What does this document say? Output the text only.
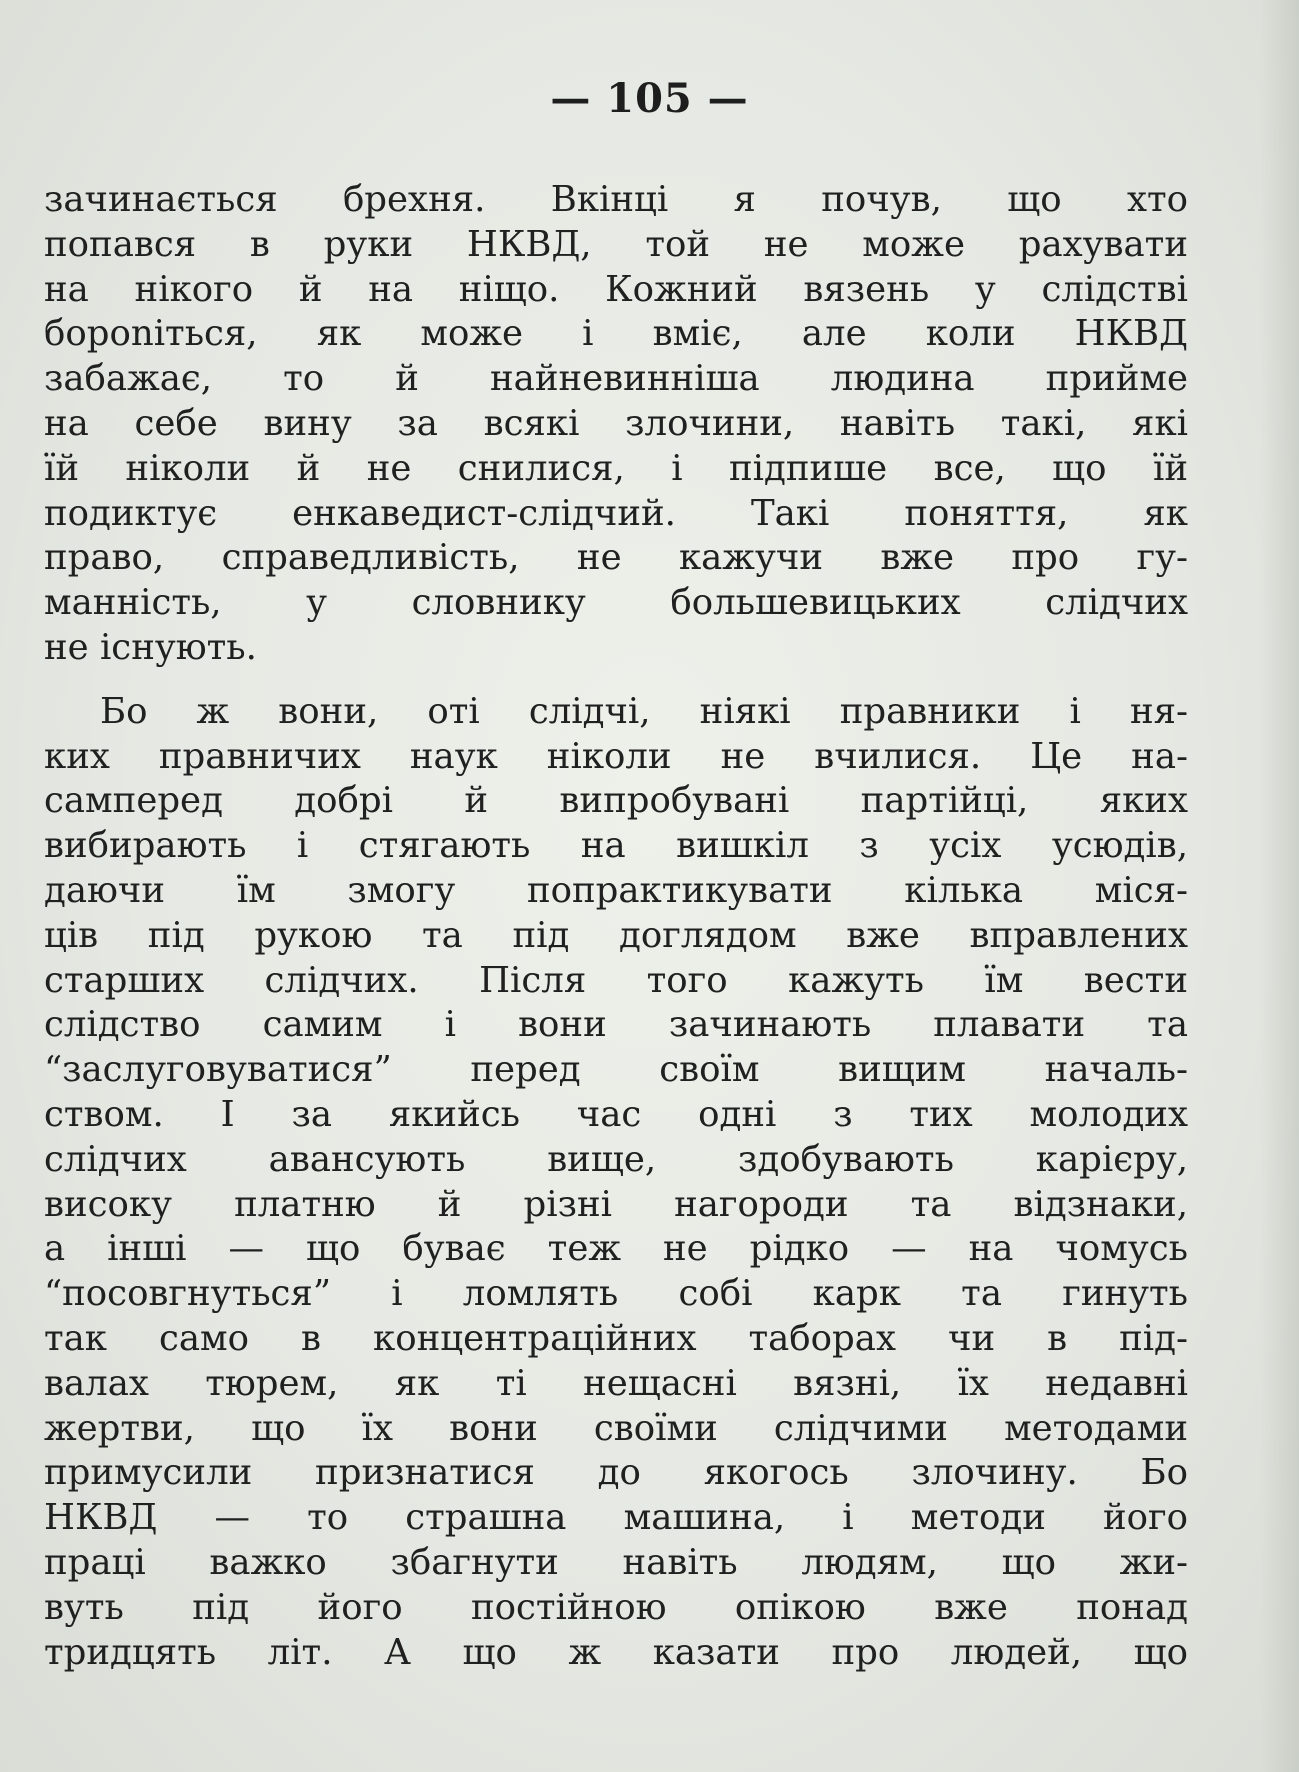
— 105 —
зачинається брехня. Вкінці я почув, що хто
попався в руки НКВД, той не може рахувати
на нікого й на ніщо. Кожний вязень у слідстві
бороniться, як може і вміє, але коли НКВД
забажає, то й найневинніша людина прийме
на себе вину за всякі злочини, навіть такі, які
їй ніколи й не снилися, і підпише все, що їй
подиктує енкаведист-слідчий. Такі поняття, як
право, справедливість, не кажучи вже про гу-
манність, у словнику большевицьких слідчих
не існують.
Бо ж вони, оті слідчі, ніякі правники і ня-
ких правничих наук ніколи не вчилися. Це на-
самперед добрі й випробувані партійці, яких
вибирають і стягають на вишкіл з усіх усюдів,
даючи їм змогу попрактикувати кілька міся-
ців під рукою та під доглядом вже вправлених
старших слідчих. Після того кажуть їм вести
слідство самим і вони зачинають плавати та
“заслуговуватися” перед своїм вищим началь-
ством. І за якийсь час одні з тих молодих
слідчих авансують вище, здобувають карієру,
високу платню й різні нагороди та відзнаки,
а інші — що буває теж не рідко — на чомусь
“посовгнуться” і ломлять собі карк та гинуть
так само в концентраційних таборах чи в під-
валах тюрем, як ті нещасні вязні, їх недавні
жертви, що їх вони своїми слідчими методами
примусили признатися до якогось злочину. Бо
НКВД — то страшна машина, і методи його
праці важко збагнути навіть людям, що жи-
вуть під його постійною опікою вже понад
тридцять літ. А що ж казати про людей, що
